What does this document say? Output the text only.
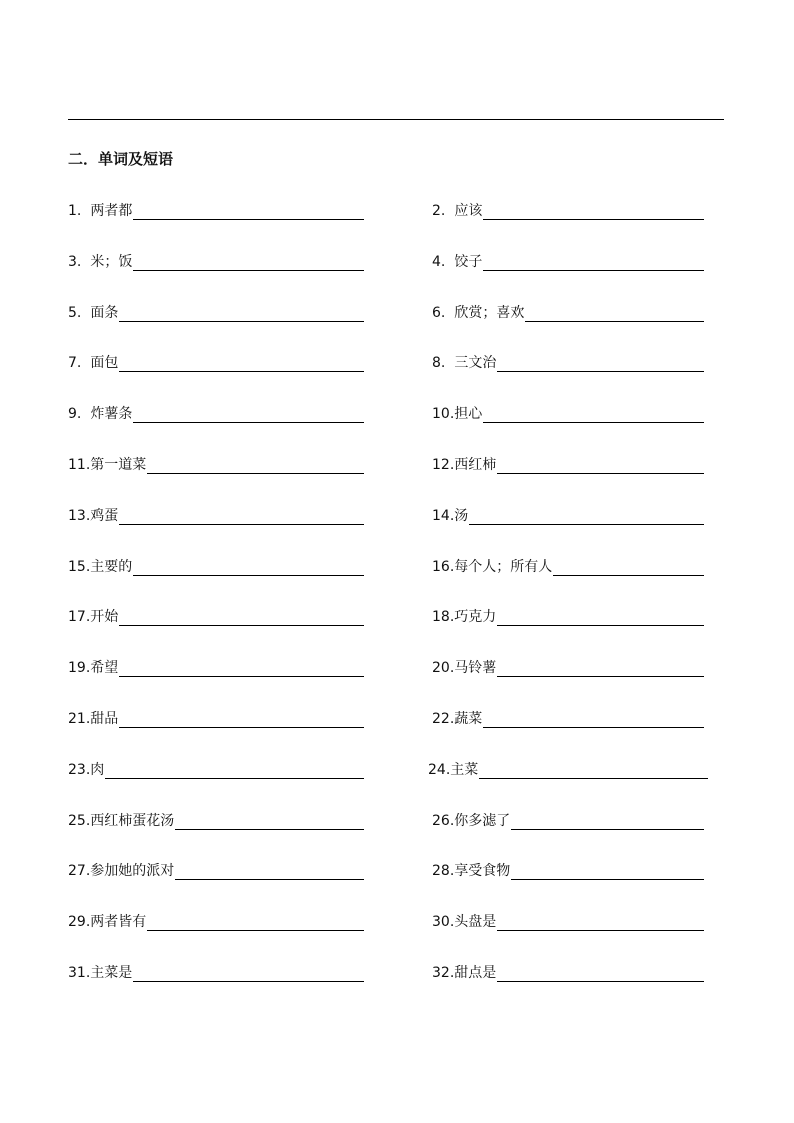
二．单词及短语
1. 两者都	2. 应该
3. 米；饭	4. 饺子
5. 面条	6. 欣赏；喜欢
7. 面包	8. 三文治
9. 炸薯条	10.担心
11.第一道菜	12.西红柿
13.鸡蛋	14.汤
15.主要的	16.每个人；所有人
17.开始	18.巧克力
19.希望	20.马铃薯
21.甜品	22.蔬菜
23.肉	24.主菜
25.西红柿蛋花汤	26.你多滤了
27.参加她的派对	28.享受食物
29.两者皆有	30.头盘是
31.主菜是	32.甜点是
